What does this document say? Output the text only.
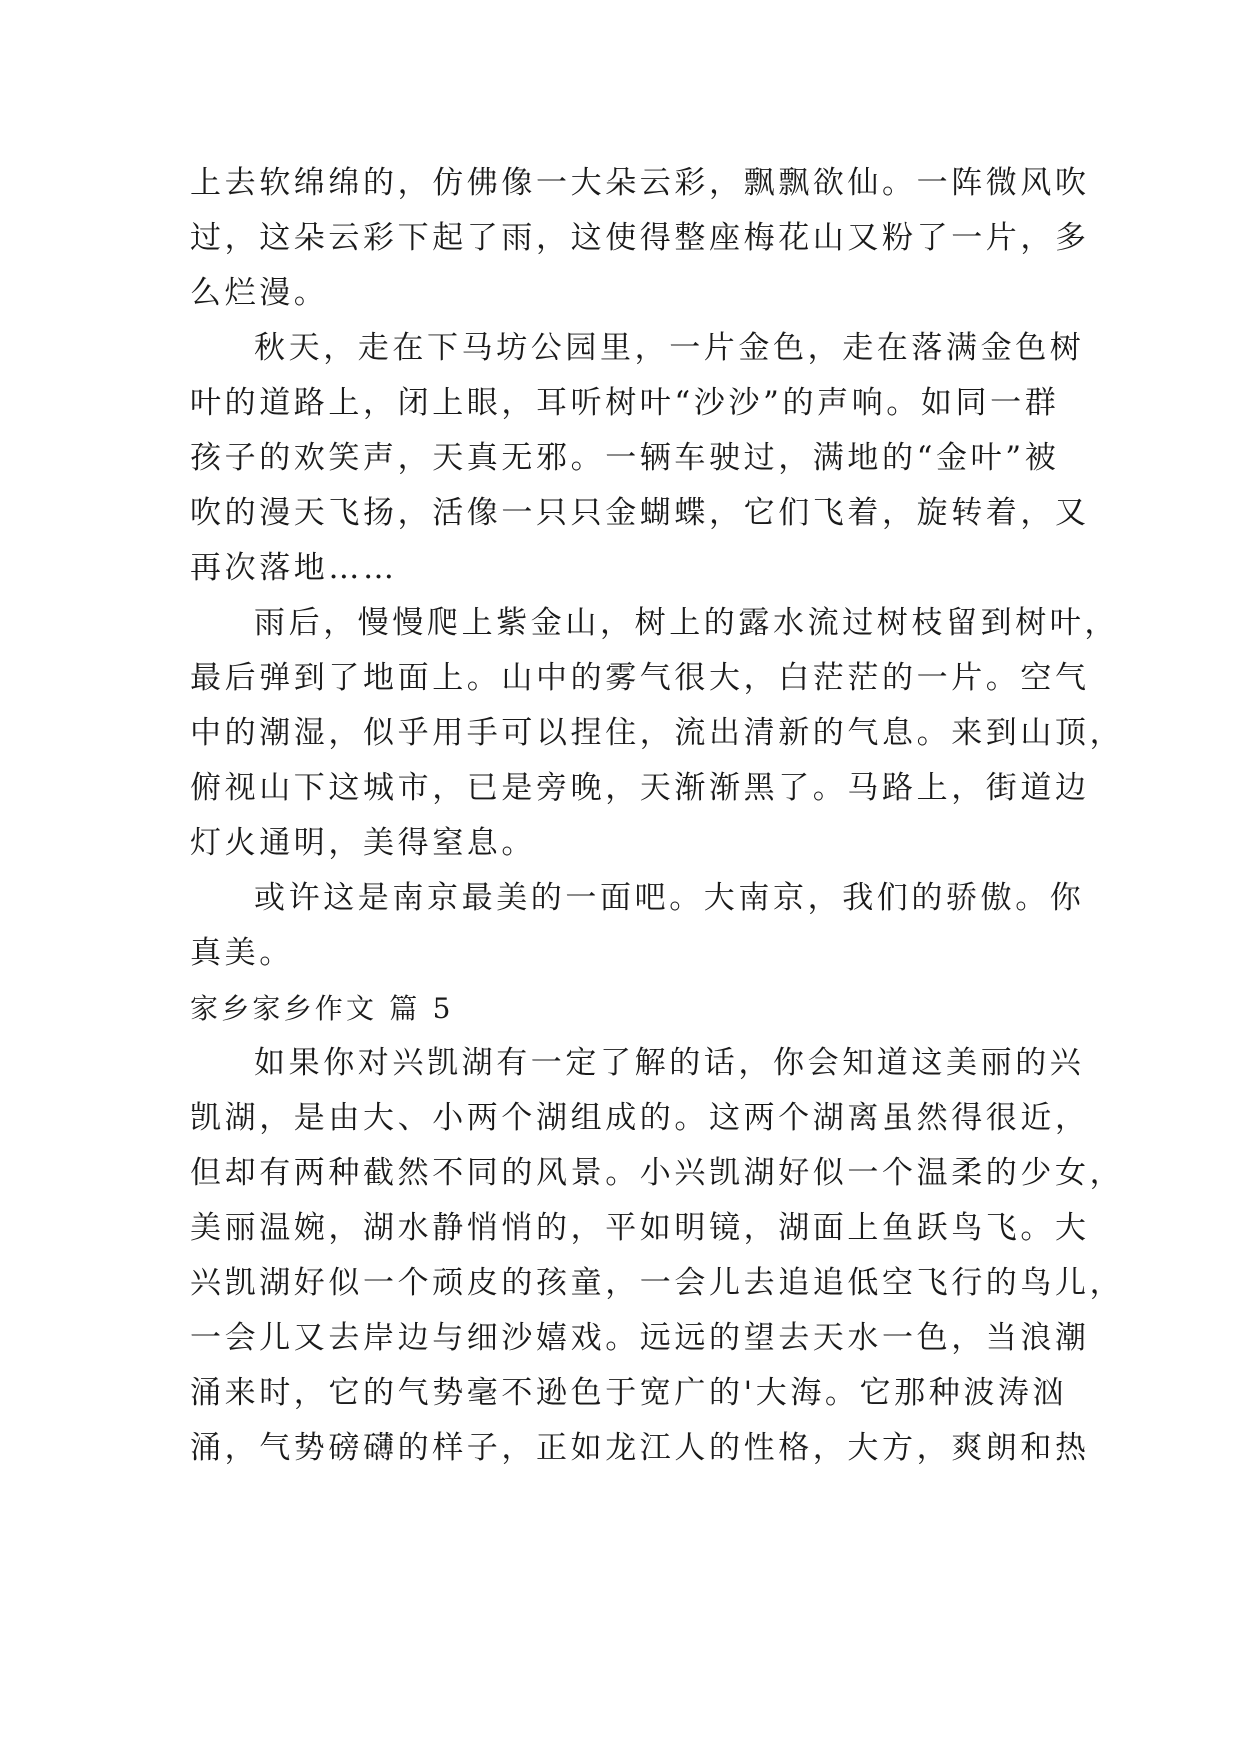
上去软绵绵的，仿佛像一大朵云彩，飘飘欲仙。一阵微风吹
过，这朵云彩下起了雨，这使得整座梅花山又粉了一片，多
么烂漫。
秋天，走在下马坊公园里，一片金色，走在落满金色树
叶的道路上，闭上眼，耳听树叶“沙沙”的声响。如同一群
孩子的欢笑声，天真无邪。一辆车驶过，满地的“金叶”被
吹的漫天飞扬，活像一只只金蝴蝶，它们飞着，旋转着，又
再次落地……
雨后，慢慢爬上紫金山，树上的露水流过树枝留到树叶，
最后弹到了地面上。山中的雾气很大，白茫茫的一片。空气
中的潮湿，似乎用手可以捏住，流出清新的气息。来到山顶，
俯视山下这城市，已是旁晚，天渐渐黑了。马路上，街道边
灯火通明，美得窒息。
或许这是南京最美的一面吧。大南京，我们的骄傲。你
真美。
家乡家乡作文 篇 5
如果你对兴凯湖有一定了解的话，你会知道这美丽的兴
凯湖，是由大、小两个湖组成的。这两个湖离虽然得很近，
但却有两种截然不同的风景。小兴凯湖好似一个温柔的少女，
美丽温婉，湖水静悄悄的，平如明镜，湖面上鱼跃鸟飞。大
兴凯湖好似一个顽皮的孩童，一会儿去追追低空飞行的鸟儿，
一会儿又去岸边与细沙嬉戏。远远的望去天水一色，当浪潮
涌来时，它的气势毫不逊色于宽广的'大海。它那种波涛汹
涌，气势磅礴的样子，正如龙江人的性格，大方，爽朗和热
